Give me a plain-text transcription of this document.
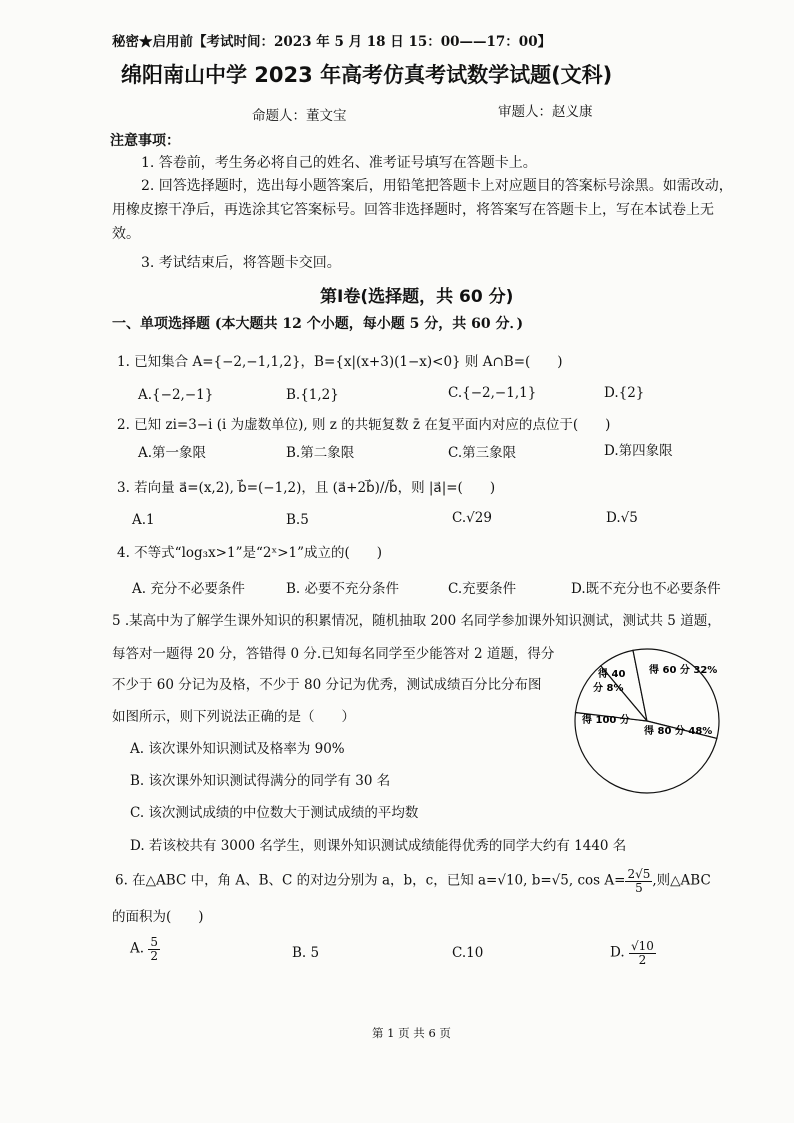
秘密★启用前【考试时间：2023 年 5 月 18 日 15：00——17：00】
绵阳南山中学 2023 年高考仿真考试数学试题(文科)
命题人：董文宝	审题人：赵义康
注意事项：
1. 答卷前，考生务必将自己的姓名、准考证号填写在答题卡上。
2. 回答选择题时，选出每小题答案后，用铅笔把答题卡上对应题目的答案标号涂黑。如需改动，
用橡皮擦干净后，再选涂其它答案标号。回答非选择题时，将答案写在答题卡上，写在本试卷上无
效。
3. 考试结束后，将答题卡交回。
第Ⅰ卷(选择题，共 60 分)
一、单项选择题 (本大题共 12 个小题，每小题 5 分，共 60 分．)
1. 已知集合 A={−2,−1,1,2}，B={x|(x+3)(1−x)<0} 则 A∩B=(　　)
A.{−2,−1}	B.{1,2}	C.{−2,−1,1}	D.{2}
2. 已知 zi=3−i (i 为虚数单位), 则 z 的共轭复数 z̄ 在复平面内对应的点位于(　　)
A.第一象限	B.第二象限	C.第三象限	D.第四象限
3. 若向量 a⃗=(x,2), b⃗=(−1,2)，且 (a⃗+2b⃗)//b⃗，则 |a⃗|=(　　)
A.1	B.5	C.√29	D.√5
4. 不等式“log₃x>1”是“2ˣ>1”成立的(　　)
A. 充分不必要条件	B. 必要不充分条件	C.充要条件	D.既不充分也不必要条件
5 .某高中为了解学生课外知识的积累情况，随机抽取 200 名同学参加课外知识测试，测试共 5 道题，
每答对一题得 20 分，答错得 0 分.已知每名同学至少能答对 2 道题，得分
不少于 60 分记为及格，不少于 80 分记为优秀，测试成绩百分比分布图
如图所示，则下列说法正确的是（　　）
A. 该次课外知识测试及格率为 90%
B. 该次课外知识测试得满分的同学有 30 名
C. 该次测试成绩的中位数大于测试成绩的平均数
D. 若该校共有 3000 名学生，则课外知识测试成绩能得优秀的同学大约有 1440 名
得 40
分 8%
得 60 分 32%
得 80 分 48%
得 100 分
6. 在△ABC 中，角 A、B、C 的对边分别为 a，b，c，已知 a=√10, b=√5, $\cos A= \frac{2√5}{5}$ ,则△ABC
的面积为(　　)
A. $\frac{5}{2}$	B. 5	C.10	D. $\frac{√10}{2}$
第 1 页 共 6 页
